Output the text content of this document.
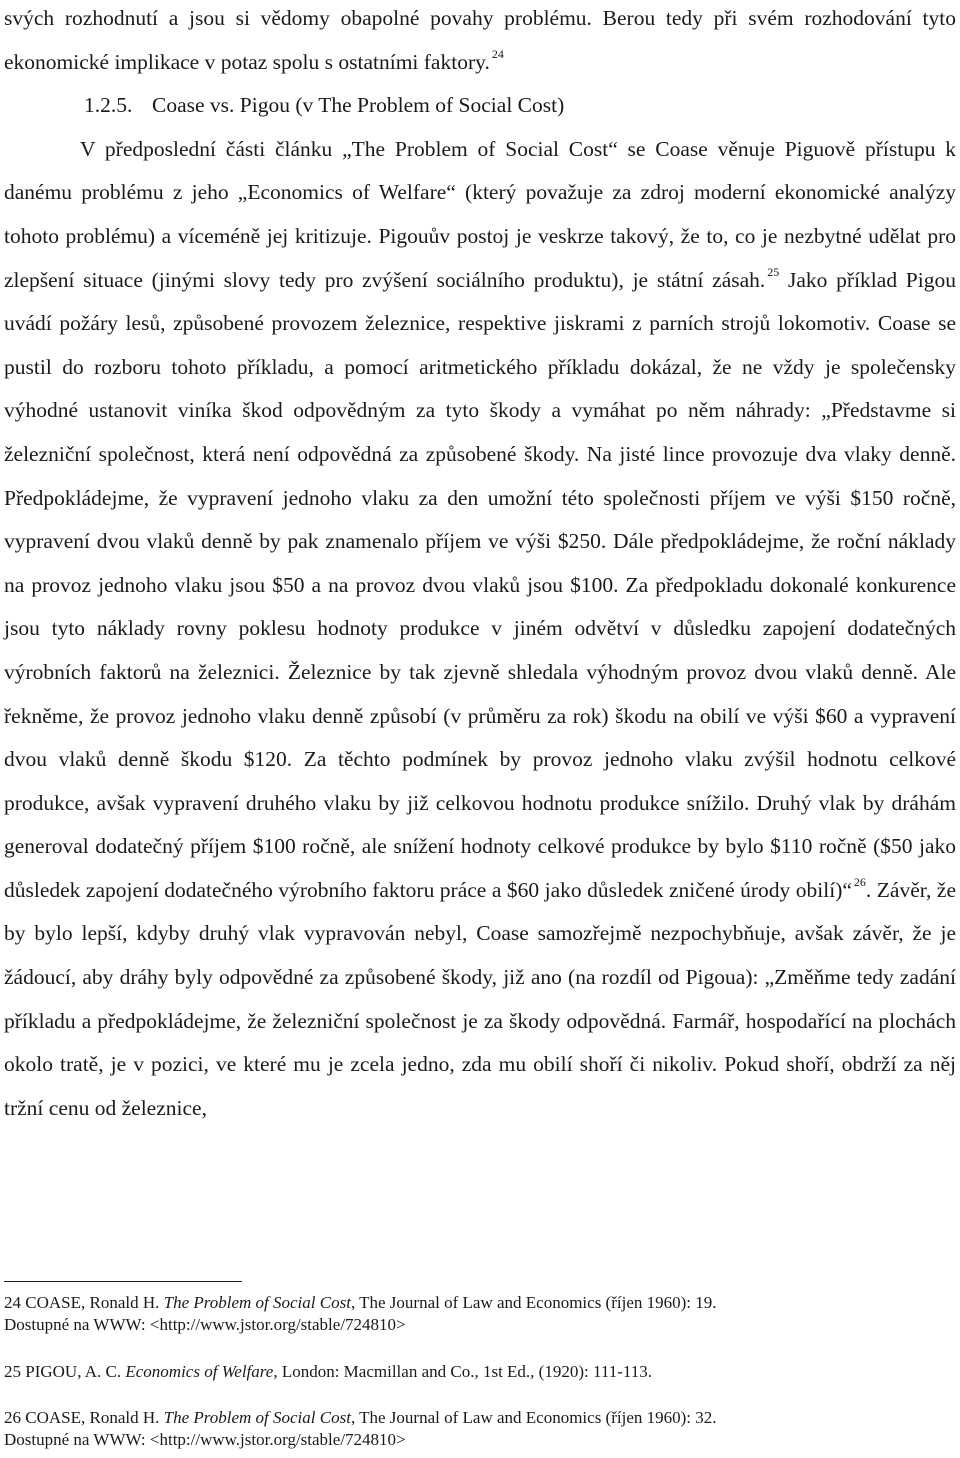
svých rozhodnutí a jsou si vědomy obapolné povahy problému. Berou tedy při svém rozhodování tyto ekonomické implikace v potaz spolu s ostatními faktory. $^{24}$

1.2.5. Coase vs. Pigou (v The Problem of Social Cost)

V předposlední části článku „The Problem of Social Cost“ se Coase věnuje Piguově přístupu k danému problému z jeho „Economics of Welfare“ (který považuje za zdroj moderní ekonomické analýzy tohoto problému) a víceméně jej kritizuje. Pigouův postoj je veskrze takový, že to, co je nezbytné udělat pro zlepšení situace (jinými slovy tedy pro zvýšení sociálního produktu), je státní zásah. $^{25}$ Jako příklad Pigou uvádí požáry lesů, způsobené provozem železnice, respektive jiskrami z parních strojů lokomotiv. Coase se pustil do rozboru tohoto příkladu, a pomocí aritmetického příkladu dokázal, že ne vždy je společensky výhodné ustanovit viníka škod odpovědným za tyto škody a vymáhat po něm náhrady: „Představme si železniční společnost, která není odpovědná za způsobené škody. Na jisté lince provozuje dva vlaky denně. Předpokládejme, že vypravení jednoho vlaku za den umožní této společnosti příjem ve výši $150 ročně, vypravení dvou vlaků denně by pak znamenalo příjem ve výši $250. Dále předpokládejme, že roční náklady na provoz jednoho vlaku jsou $50 a na provoz dvou vlaků jsou $100. Za předpokladu dokonalé konkurence jsou tyto náklady rovny poklesu hodnoty produkce v jiném odvětví v důsledku zapojení dodatečných výrobních faktorů na železnici. Železnice by tak zjevně shledala výhodným provoz dvou vlaků denně. Ale řekněme, že provoz jednoho vlaku denně způsobí (v průměru za rok) škodu na obilí ve výši $60 a vypravení dvou vlaků denně škodu $120. Za těchto podmínek by provoz jednoho vlaku zvýšil hodnotu celkové produkce, avšak vypravení druhého vlaku by již celkovou hodnotu produkce snížilo. Druhý vlak by dráhám generoval dodatečný příjem $100 ročně, ale snížení hodnoty celkové produkce by bylo $110 ročně ($50 jako důsledek zapojení dodatečného výrobního faktoru práce a $60 jako důsledek zničené úrody obilí)“ $^{26}$. Závěr, že by bylo lepší, kdyby druhý vlak vypravován nebyl, Coase samozřejmě nezpochybňuje, avšak závěr, že je žádoucí, aby dráhy byly odpovědné za způsobené škody, již ano (na rozdíl od Pigoua): „Změňme tedy zadání příkladu a předpokládejme, že železniční společnost je za škody odpovědná. Farmář, hospodařící na plochách okolo tratě, je v pozici, ve které mu je zcela jedno, zda mu obilí shoří či nikoliv. Pokud shoří, obdrží za něj tržní cenu od železnice,

24 COASE, Ronald H. The Problem of Social Cost, The Journal of Law and Economics (říjen 1960): 19.
Dostupné na WWW: <http://www.jstor.org/stable/724810>
25 PIGOU, A. C. Economics of Welfare, London: Macmillan and Co., 1st Ed., (1920): 111-113.
26 COASE, Ronald H. The Problem of Social Cost, The Journal of Law and Economics (říjen 1960): 32.
Dostupné na WWW: <http://www.jstor.org/stable/724810>
